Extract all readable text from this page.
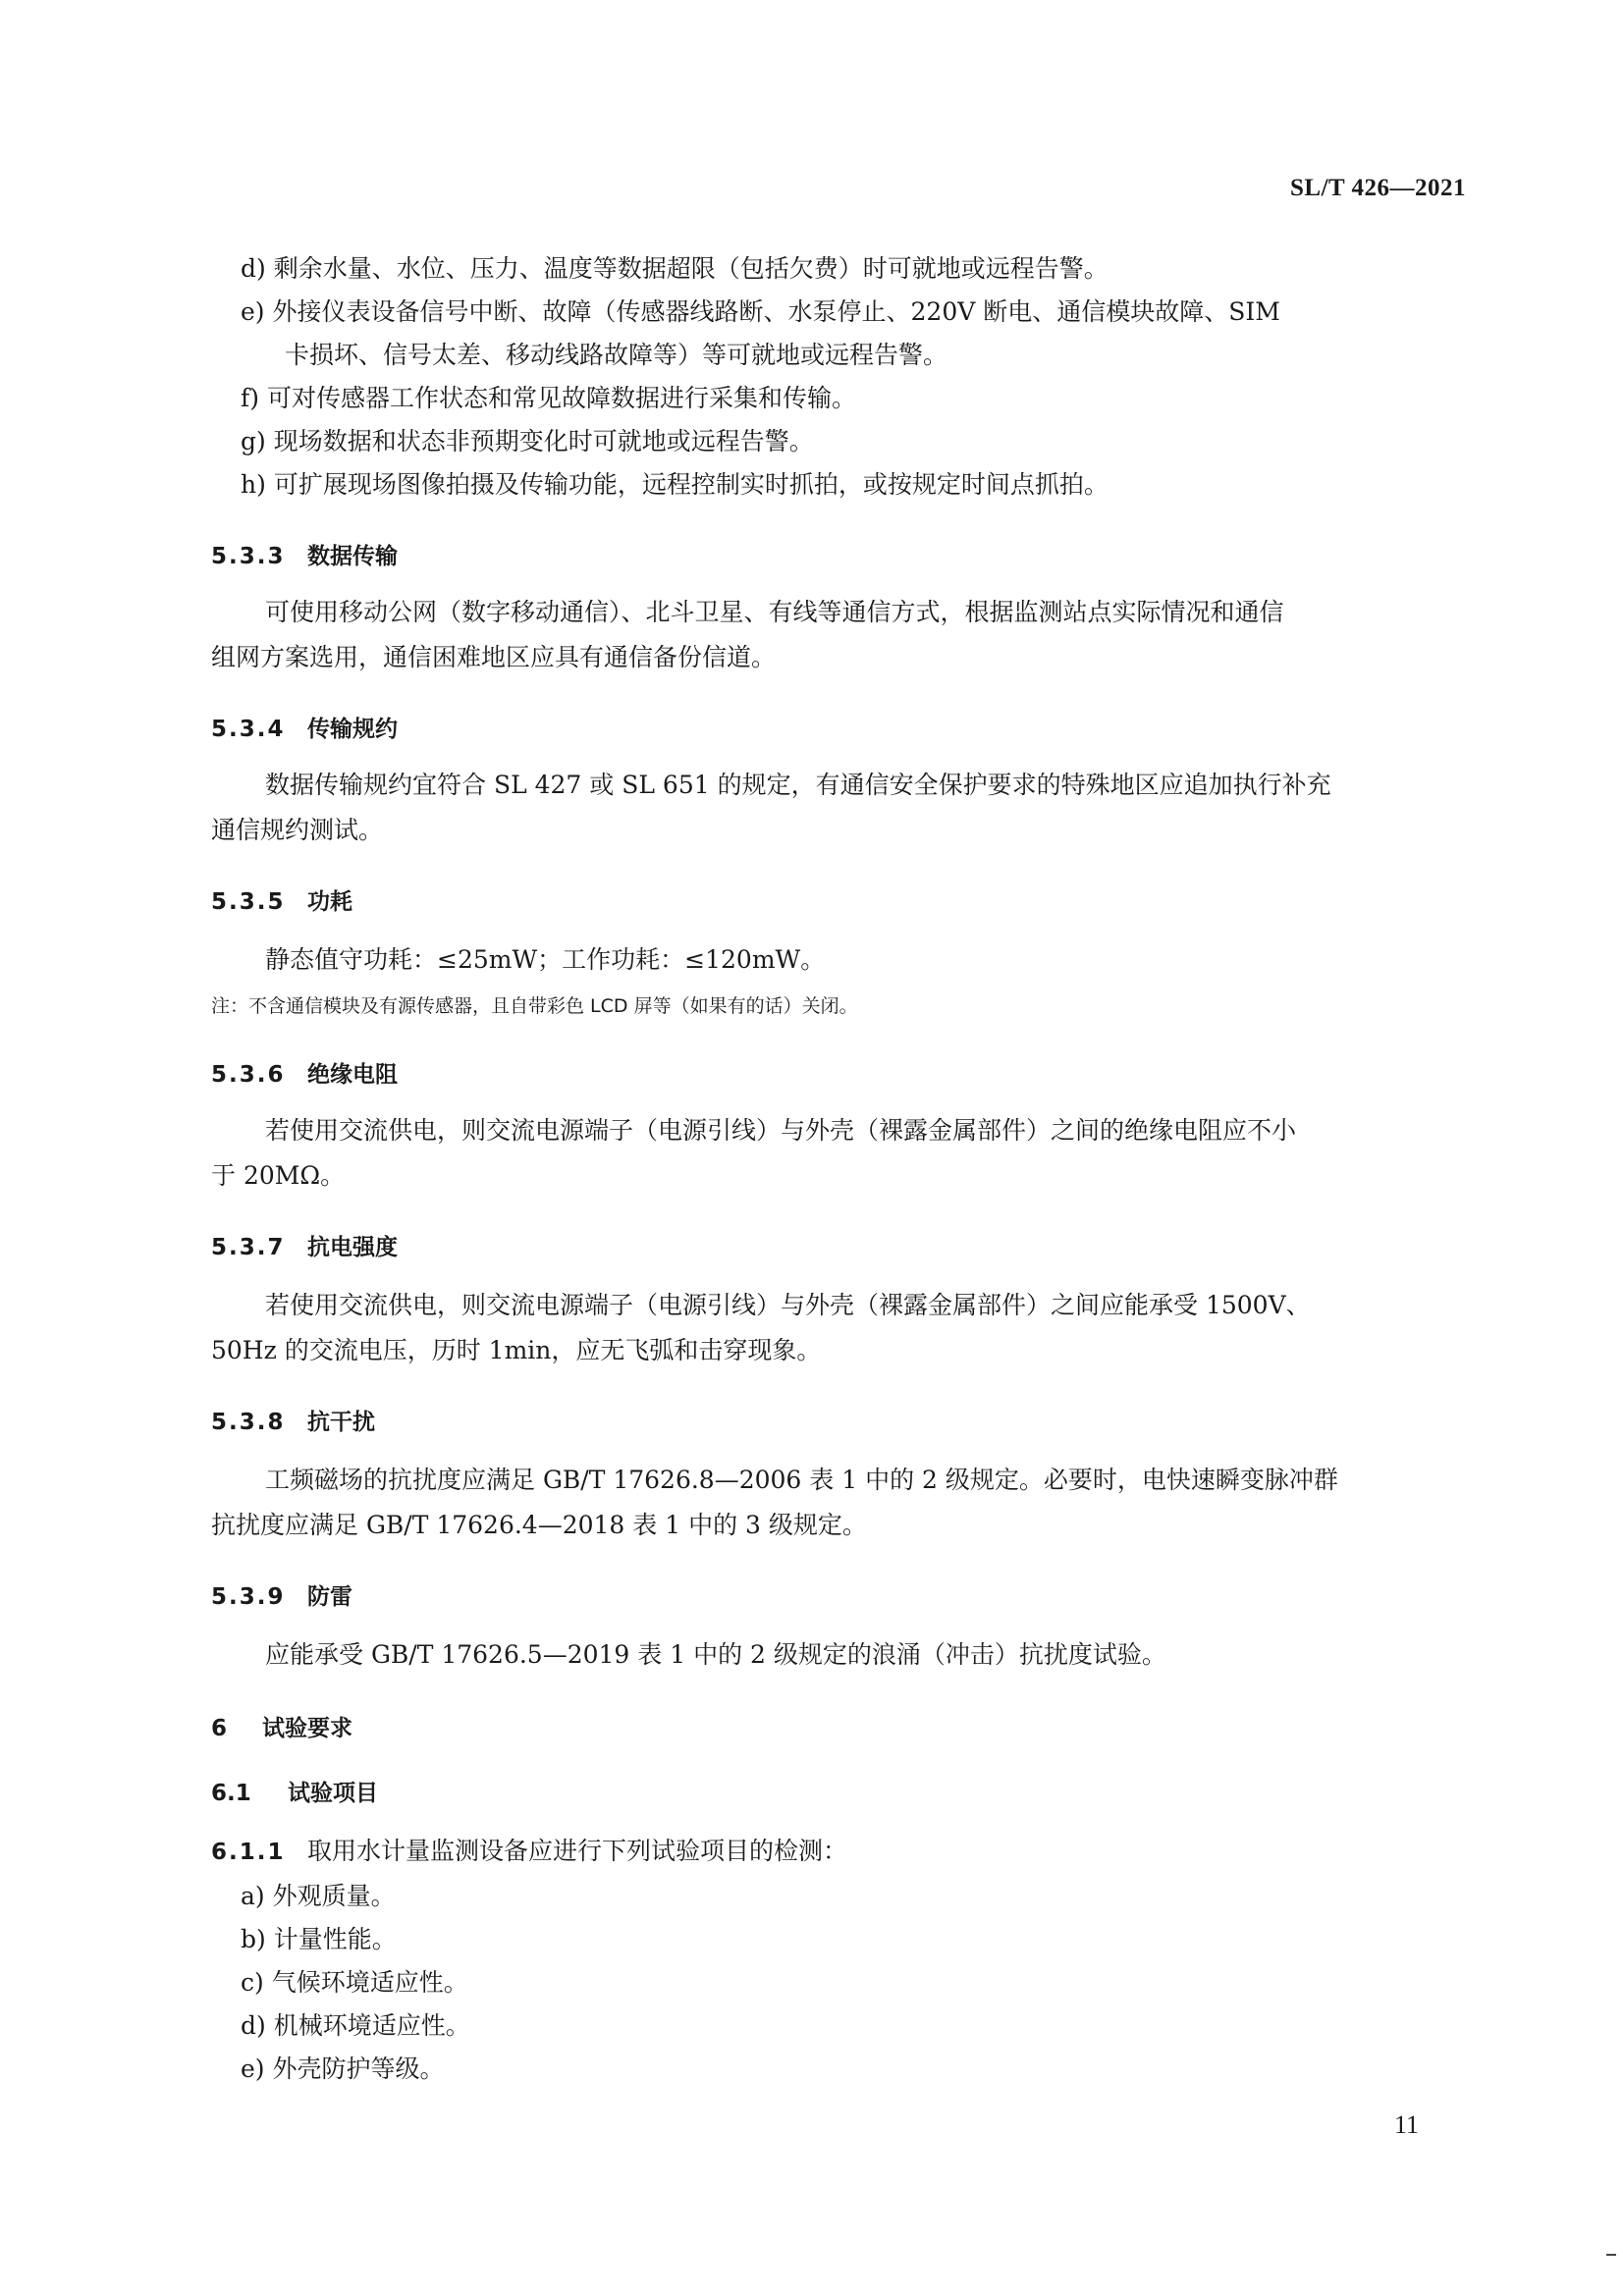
SL/T 426—2021
d) 剩余水量、水位、压力、温度等数据超限（包括欠费）时可就地或远程告警。
e) 外接仪表设备信号中断、故障（传感器线路断、水泵停止、220V 断电、通信模块故障、SIM
卡损坏、信号太差、移动线路故障等）等可就地或远程告警。
f) 可对传感器工作状态和常见故障数据进行采集和传输。
g) 现场数据和状态非预期变化时可就地或远程告警。
h) 可扩展现场图像拍摄及传输功能，远程控制实时抓拍，或按规定时间点抓拍。
5.3.3 数据传输
可使用移动公网（数字移动通信）、北斗卫星、有线等通信方式，根据监测站点实际情况和通信
组网方案选用，通信困难地区应具有通信备份信道。
5.3.4 传输规约
数据传输规约宜符合 SL 427 或 SL 651 的规定，有通信安全保护要求的特殊地区应追加执行补充
通信规约测试。
5.3.5 功耗
静态值守功耗：≤25mW；工作功耗：≤120mW。
注：不含通信模块及有源传感器，且自带彩色 LCD 屏等（如果有的话）关闭。
5.3.6 绝缘电阻
若使用交流供电，则交流电源端子（电源引线）与外壳（裸露金属部件）之间的绝缘电阻应不小
于 20MΩ。
5.3.7 抗电强度
若使用交流供电，则交流电源端子（电源引线）与外壳（裸露金属部件）之间应能承受 1500V、
50Hz 的交流电压，历时 1min，应无飞弧和击穿现象。
5.3.8 抗干扰
工频磁场的抗扰度应满足 GB/T 17626.8—2006 表 1 中的 2 级规定。必要时，电快速瞬变脉冲群
抗扰度应满足 GB/T 17626.4—2018 表 1 中的 3 级规定。
5.3.9 防雷
应能承受 GB/T 17626.5—2019 表 1 中的 2 级规定的浪涌（冲击）抗扰度试验。
6 试验要求
6.1 试验项目
6.1.1 取用水计量监测设备应进行下列试验项目的检测：
a) 外观质量。
b) 计量性能。
c) 气候环境适应性。
d) 机械环境适应性。
e) 外壳防护等级。
11
